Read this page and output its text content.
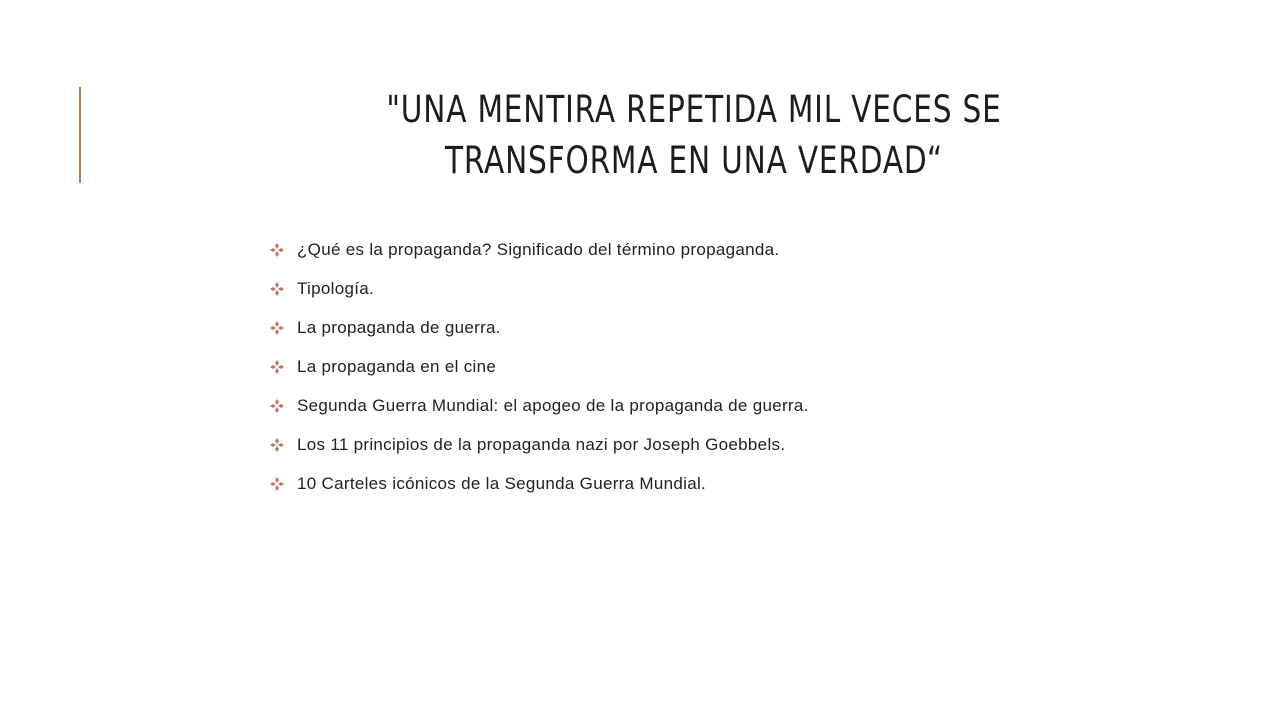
"UNA MENTIRA REPETIDA MIL VECES SE TRANSFORMA EN UNA VERDAD“
¿Qué es la propaganda? Significado del término propaganda.
Tipología.
La propaganda de guerra.
La propaganda en el cine
Segunda Guerra Mundial: el apogeo de la propaganda de guerra.
Los 11 principios de la propaganda nazi por Joseph Goebbels.
10 Carteles icónicos de la Segunda Guerra Mundial.
